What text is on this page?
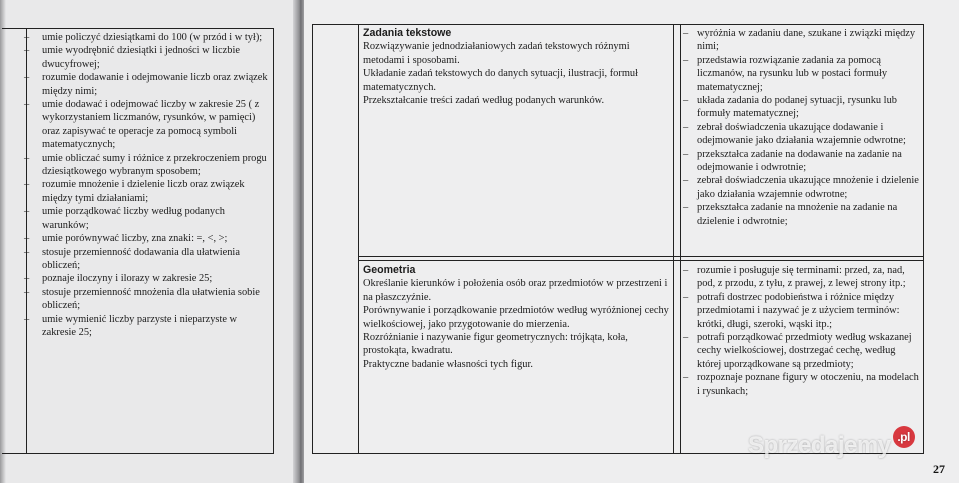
– umie policzyć dziesiątkami do 100 (w przód i w tył);
– umie wyodrębnić dziesiątki i jedności w liczbie dwucyfrowej;
– rozumie dodawanie i odejmowanie liczb oraz związek między nimi;
– umie dodawać i odejmować liczby w zakresie 25 ( z wykorzystaniem liczmanów, rysunków, w pamięci) oraz zapisywać te operacje za pomocą symboli matematycznych;
– umie obliczać sumy i różnice z przekroczeniem progu dziesiątkowego wybranym sposobem;
– rozumie mnożenie i dzielenie liczb oraz związek między tymi działaniami;
– umie porządkować liczby według podanych warunków;
– umie porównywać liczby, zna znaki: =, <, >;
– stosuje przemienność dodawania dla ułatwienia obliczeń;
– poznaje iloczyny i ilorazy w zakresie 25;
– stosuje przemienność mnożenia dla ułatwienia sobie obliczeń;
– umie wymienić liczby parzyste i nieparzyste w zakresie 25;
Zadania tekstowe
Rozwiązywanie jednodziałaniowych zadań tekstowych różnymi metodami i sposobami.
Układanie zadań tekstowych do danych sytuacji, ilustracji, formuł matematycznych.
Przekształcanie treści zadań według podanych warunków.
– wyróżnia w zadaniu dane, szukane i związki między nimi;
– przedstawia rozwiązanie zadania za pomocą liczmanów, na rysunku lub w postaci formuły matematycznej;
– układa zadania do podanej sytuacji, rysunku lub formuły matematycznej;
– zebrał doświadczenia ukazujące dodawanie i odejmowanie jako działania wzajemnie odwrotne;
– przekształca zadanie na dodawanie na zadanie na odejmowanie i odwrotnie;
– zebrał doświadczenia ukazujące mnożenie i dzielenie jako działania wzajemnie odwrotne;
– przekształca zadanie na mnożenie na zadanie na dzielenie i odwrotnie;
Geometria
Określanie kierunków i położenia osób oraz przedmiotów w przestrzeni i na płaszczyźnie.
Porównywanie i porządkowanie przedmiotów według wyróżnionej cechy wielkościowej, jako przygotowanie do mierzenia.
Rozróżnianie i nazywanie figur geometrycznych: trójkąta, koła, prostokąta, kwadratu.
Praktyczne badanie własności tych figur.
– rozumie i posługuje się terminami: przed, za, nad, pod, z przodu, z tyłu, z prawej, z lewej strony itp.;
– potrafi dostrzec podobieństwa i różnice między przedmiotami i nazywać je z użyciem terminów: krótki, długi, szeroki, wąski itp.;
– potrafi porządkować przedmioty według wskazanej cechy wielkościowej, dostrzegać cechę, według której uporządkowane są przedmioty;
– rozpoznaje poznane figury w otoczeniu, na modelach i rysunkach;
Sprzedajemy .pl
27
